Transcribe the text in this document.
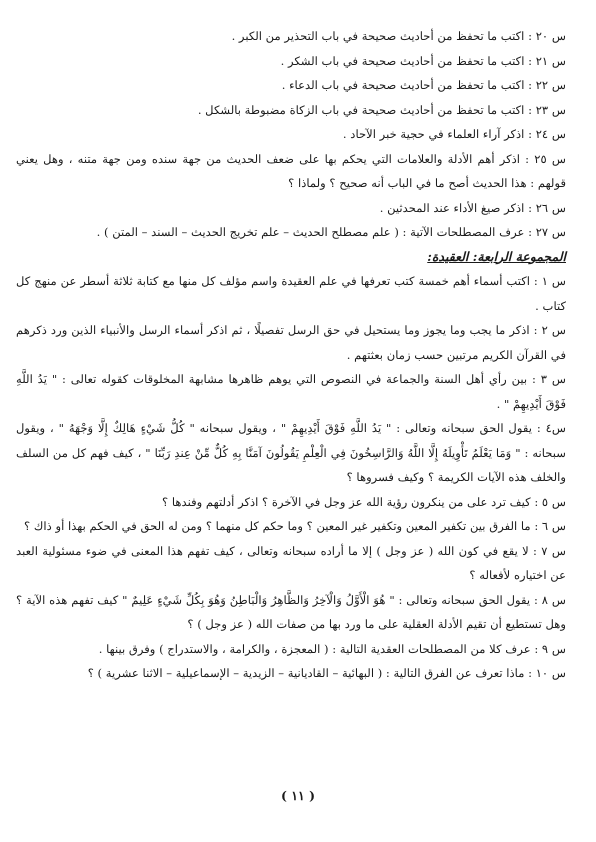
س ٢٠ : اكتب ما تحفظ من أحاديث صحيحة في باب التحذير من الكبر .
س ٢١ : اكتب ما تحفظ من أحاديث صحيحة في باب الشكر .
س ٢٢ : اكتب ما تحفظ من أحاديث صحيحة في باب الدعاء .
س ٢٣ : اكتب ما تحفظ من أحاديث صحيحة في باب الزكاة مضبوطة بالشكل .
س ٢٤ : اذكر آراء العلماء في حجية خبر الآحاد .
س ٢٥ : اذكر أهم الأدلة والعلامات التي يحكم بها على ضعف الحديث من جهة سنده ومن جهة متنه ، وهل يعني قولهم : هذا الحديث أصح ما في الباب أنه صحيح ؟ ولماذا ؟
س ٢٦ : اذكر صيغ الأداء عند المحدثين .
س ٢٧ : عرف المصطلحات الآتية : ( علم مصطلح الحديث – علم تخريج الحديث – السند – المتن ) .
المجموعة الرابعة: العقيدة:
س ١ : اكتب أسماء أهم خمسة كتب تعرفها في علم العقيدة واسم مؤلف كل منها مع كتابة ثلاثة أسطر عن منهج كل كتاب .
س ٢ : اذكر ما يجب وما يجوز وما يستحيل في حق الرسل تفصيلًا ، ثم اذكر أسماء الرسل والأنبياء الذين ورد ذكرهم في القرآن الكريم مرتبين حسب زمان بعثتهم .
س ٣ : بين رأي أهل السنة والجماعة في النصوص التي يوهم ظاهرها مشابهة المخلوقات كقوله تعالى : " يَدُ اللَّهِ فَوْقَ أَيْدِيهِمْ " .
س٤ : يقول الحق سبحانه وتعالى : " يَدُ اللَّهِ فَوْقَ أَيْدِيهِمْ " ، ويقول سبحانه " كُلُّ شَيْءٍ هَالِكٌ إِلَّا وَجْهَهُ " ، ويقول سبحانه : " وَمَا يَعْلَمُ تَأْوِيلَهُ إِلَّا اللَّهُ وَالرَّاسِخُونَ فِي الْعِلْمِ يَقُولُونَ آمَنَّا بِهِ كُلٌّ مِّنْ عِندِ رَبِّنَا " ، كيف فهم كل من السلف والخلف هذه الآيات الكريمة ؟ وكيف فسروها ؟
س ٥ : كيف ترد على من ينكرون رؤية الله عز وجل في الآخرة ؟ اذكر أدلتهم وفندها ؟
س ٦ : ما الفرق بين تكفير المعين وتكفير غير المعين ؟ وما حكم كل منهما ؟ ومن له الحق في الحكم بهذا أو ذاك ؟
س ٧ : لا يقع في كون الله ( عز وجل ) إلا ما أراده سبحانه وتعالى ، كيف تفهم هذا المعنى في ضوء مسئولية العبد عن اختياره لأفعاله ؟
س ٨ : يقول الحق سبحانه وتعالى : " هُوَ الْأَوَّلُ وَالْآخِرُ وَالظَّاهِرُ وَالْبَاطِنُ وَهُوَ بِكُلِّ شَيْءٍ عَلِيمٌ " كيف تفهم هذه الآية ؟ وهل تستطيع أن تقيم الأدلة العقلية على ما ورد بها من صفات الله ( عز وجل ) ؟
س ٩ : عرف كلا من المصطلحات العقدية التالية : ( المعجزة ، والكرامة ، والاستدراج ) وفرق بينها .
س ١٠ : ماذا تعرف عن الفرق التالية : ( البهائية – القاديانية – الزيدية – الإسماعيلية – الاثنا عشرية ) ؟
( ١١ )
